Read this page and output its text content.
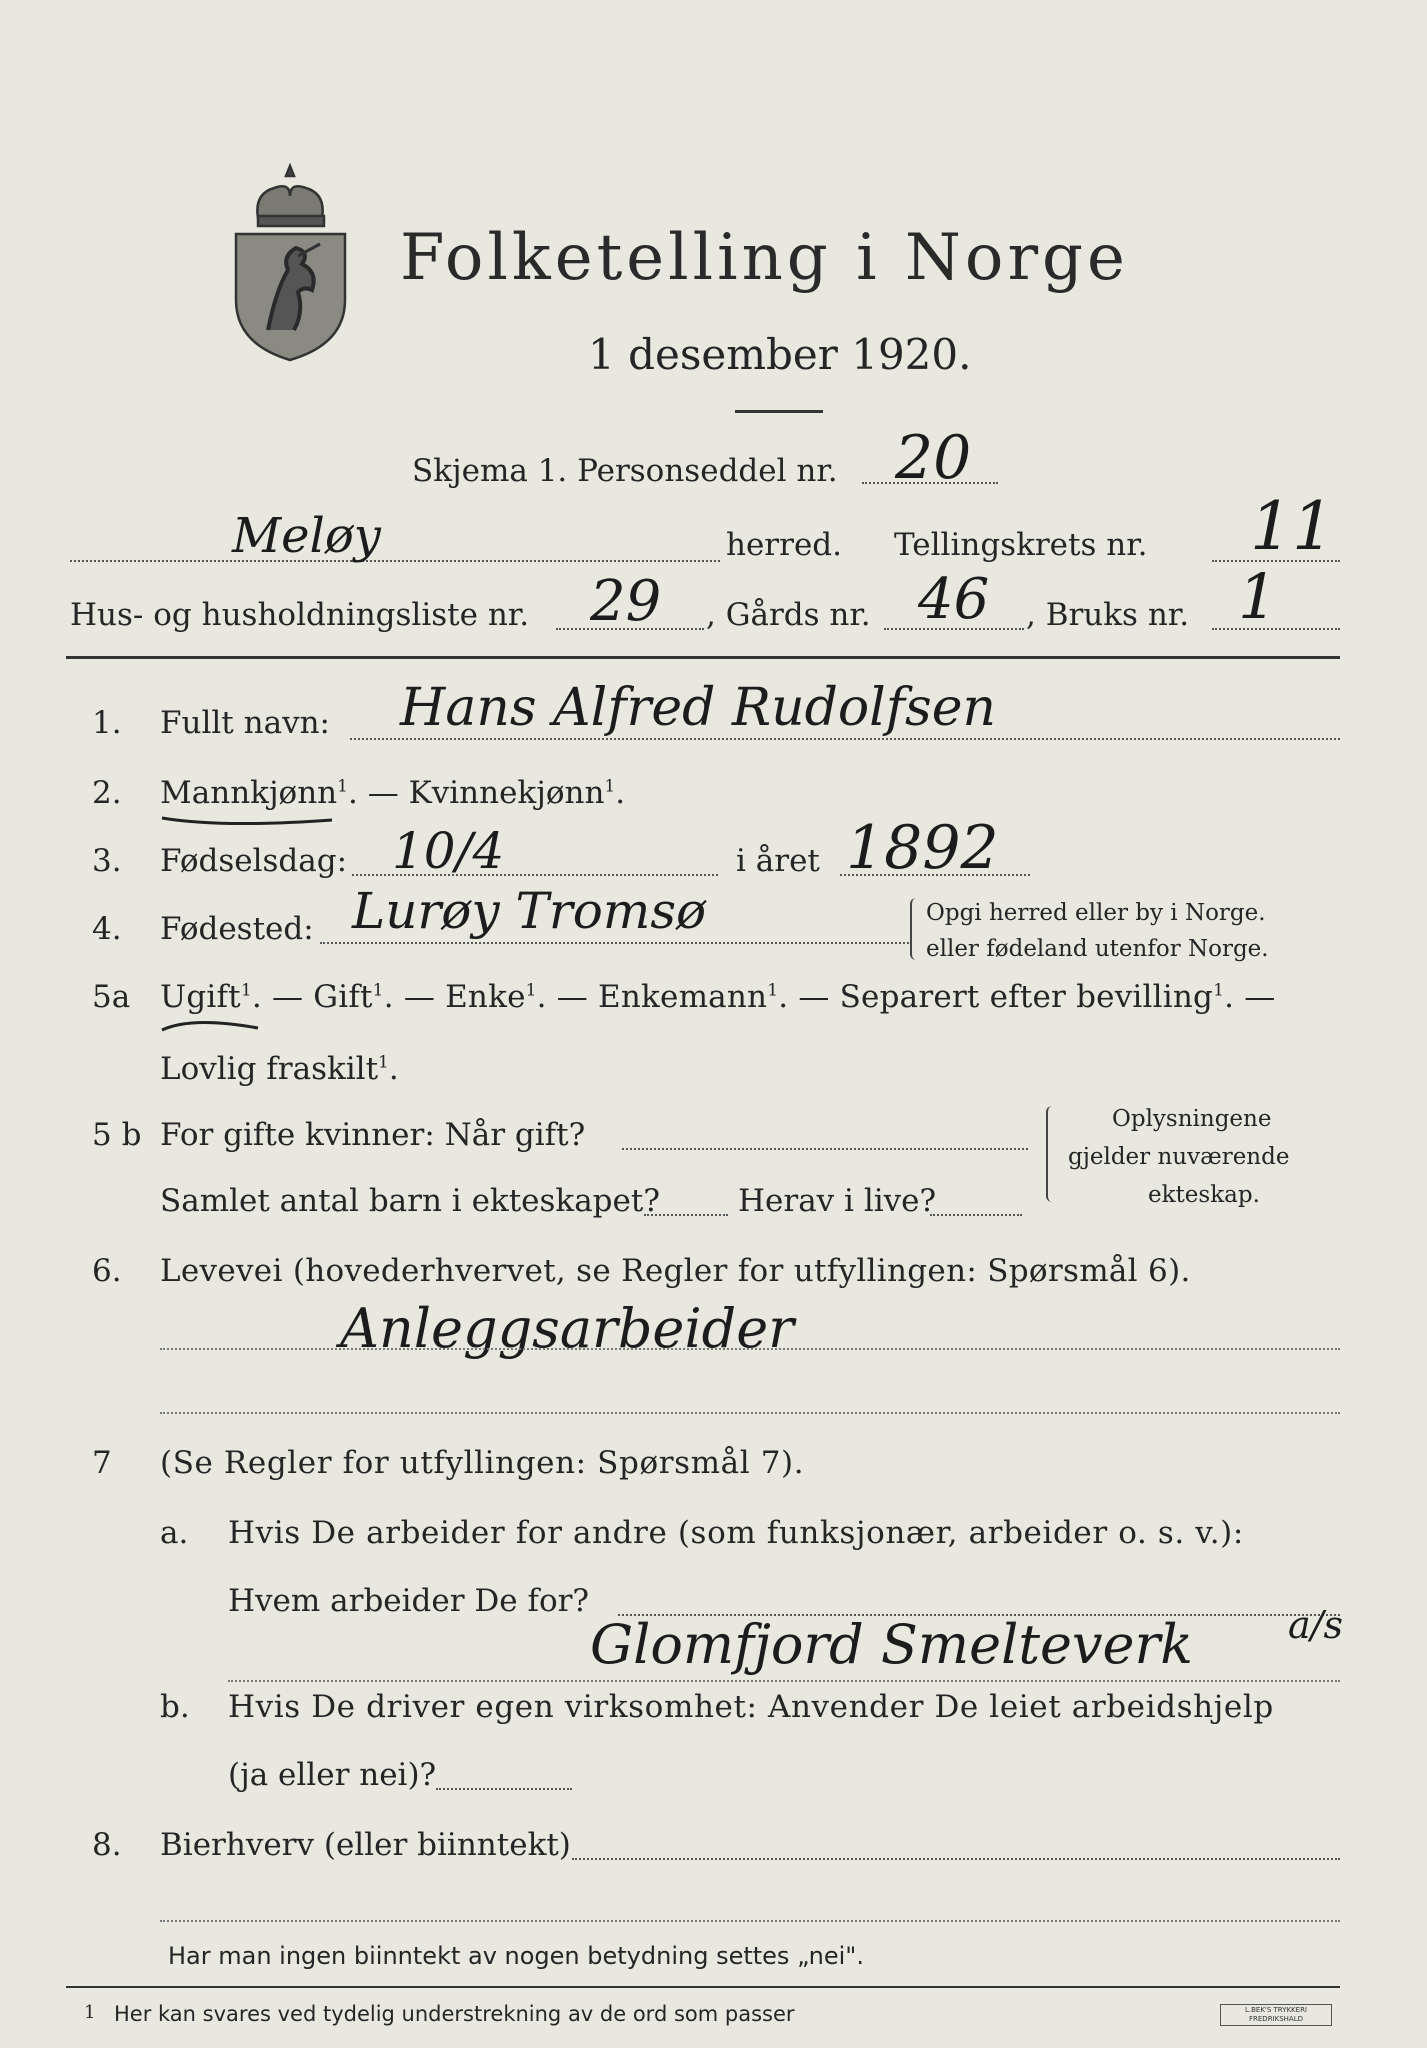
Folketelling i Norge
1 desember 1920.
Skjema 1. Personseddel nr. 20
Meløy	herred. Tellingskrets nr. 11
Hus- og husholdningsliste nr. 29 , Gårds nr. 46 , Bruks nr. 1
1. Fullt navn: Hans Alfred Rudolfsen
2. Mannkjønn$^1$. — Kvinnekjønn$^1$.
3. Fødselsdag: 10/4	i året 1892
4. Fødested: Lurøy Tromsø	Opgi herred eller by i Norge.
eller fødeland utenfor Norge.
5a Ugift$^1$. — Gift$^1$. — Enke$^1$. — Enkemann$^1$. — Separert efter bevilling$^1$. —
Lovlig fraskilt$^1$.
5 b For gifte kvinner: Når gift?
Samlet antal barn i ekteskapet?	Herav i live?
Oplysningene
gjelder nuværende
ekteskap.
6. Levevei (hovederhvervet, se Regler for utfyllingen: Spørsmål 6).
Anleggsarbeider
7 (Se Regler for utfyllingen: Spørsmål 7).
a. Hvis De arbeider for andre (som funksjonær, arbeider o. s. v.):
Hvem arbeider De for?
Glomfjord Smelteverk	a/s
b. Hvis De driver egen virksomhet: Anvender De leiet arbeidshjelp
(ja eller nei)?
8. Bierhverv (eller biinntekt)
Har man ingen biinntekt av nogen betydning settes „nei".
1 Her kan svares ved tydelig understrekning av de ord som passer	L.BEK'S TRYKKERI
FREDRIKSHALD
